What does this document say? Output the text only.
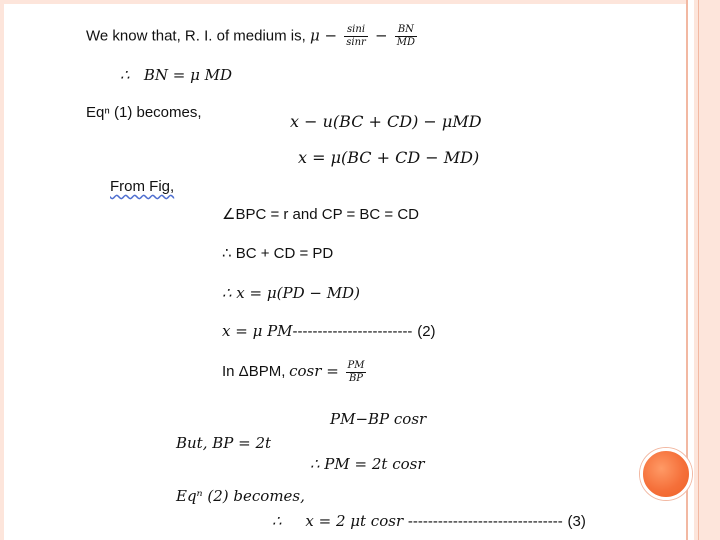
We know that, R. I. of medium is, $\mu - \frac{\sin i}{\sin r} - \frac{BN}{MD}$
∴ BN = μ MD
Eqⁿ (1) becomes,	x − u(BC + CD) − μMD
x = μ(BC + CD − MD)
From Fig,
∠BPC = r and CP = BC = CD
∴ BC + CD = PD
∴ x = μ(PD − MD)
x = μ PM------------------------ (2)
In ΔBPM, $\cos r = \frac{PM}{BP}$
PM−BP cosr
But, BP = 2t
∴ PM = 2t cosr
Eqⁿ (2) becomes,
∴ x = 2 μt cosr ------------------------------- (3)
